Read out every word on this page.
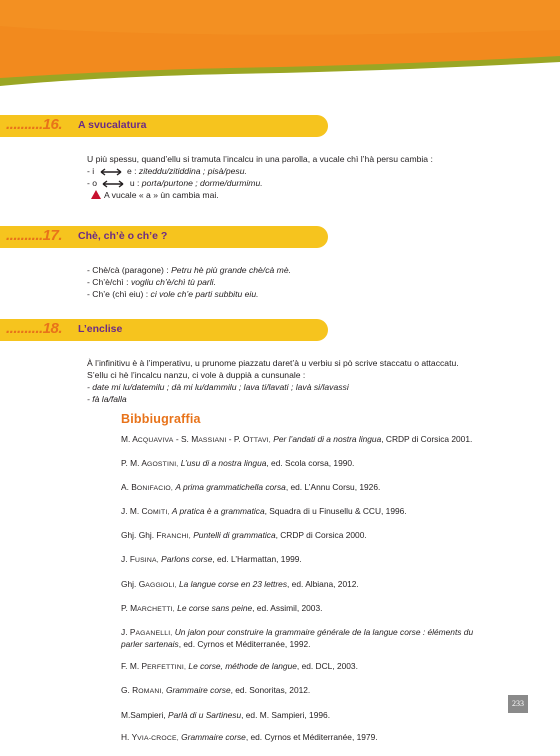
..........16. A svucalatura

U più spessu, quand’ellu si tramuta l’incalcu in una parolla, a vucale chì l’hà persu cambia :

- i	e : ziteddu/zitiddina ; pisà/pesu.

- o	u : porta/purtone ; dorme/durmimu.

A vucale « a » ùn cambia mai.

..........17. Chè, ch’è o ch’e ?

- Chè/cà (paragone) : Petru hè più grande chè/cà mè.

- Ch’è/chì : vogliu ch’è/chì tù parli.

- Ch’e (chì eiu) : ci vole ch’e parti subbitu eiu.

..........18. L’enclise

À l’infinitivu è à l’imperativu, u prunome piazzatu daret’à u verbiu si pò scrive staccatu o attaccatu.

S’ellu ci hè l’incalcu nanzu, ci vole à duppià a cunsunale :

- date mi lu/datemilu ; dà mi lu/dammilu ; lava ti/lavati ; lavà si/lavassi

- fà la/falla

Bibbiugraffia

M. ACQUAVIVA - S. MASSIANI - P. OTTAVI, Per l’andati di a nostra lingua, CRDP di Corsica 2001.

P. M. AGOSTINI, L’usu di a nostra lingua, ed. Scola corsa, 1990.

A. BONIFACIO, A prima grammatichella corsa, ed. L’Annu Corsu, 1926.

J. M. COMITI, A pratica è a grammatica, Squadra di u Finusellu & CCU, 1996.

Ghj. Ghj. FRANCHI, Puntelli di grammatica, CRDP di Corsica 2000.

J. FUSINA, Parlons corse, ed. L’Harmattan, 1999.

Ghj. GAGGIOLI, La langue corse en 23 lettres, ed. Albiana, 2012.

P. MARCHETTI, Le corse sans peine, ed. Assimil, 2003.

J. PAGANELLI, Un jalon pour construire la grammaire générale de la langue corse : éléments du parler sartenais, ed. Cyrnos et Méditerranée, 1992.

F. M. PERFETTINI, Le corse, méthode de langue, ed. DCL, 2003.

G. ROMANI, Grammaire corse, ed. Sonoritas, 2012.

M.Sampieri, Parlà di u Sartinesu, ed. M. Sampieri, 1996.

H. YVIA-CROCE, Grammaire corse, ed. Cyrnos et Méditerranée, 1979.

233
